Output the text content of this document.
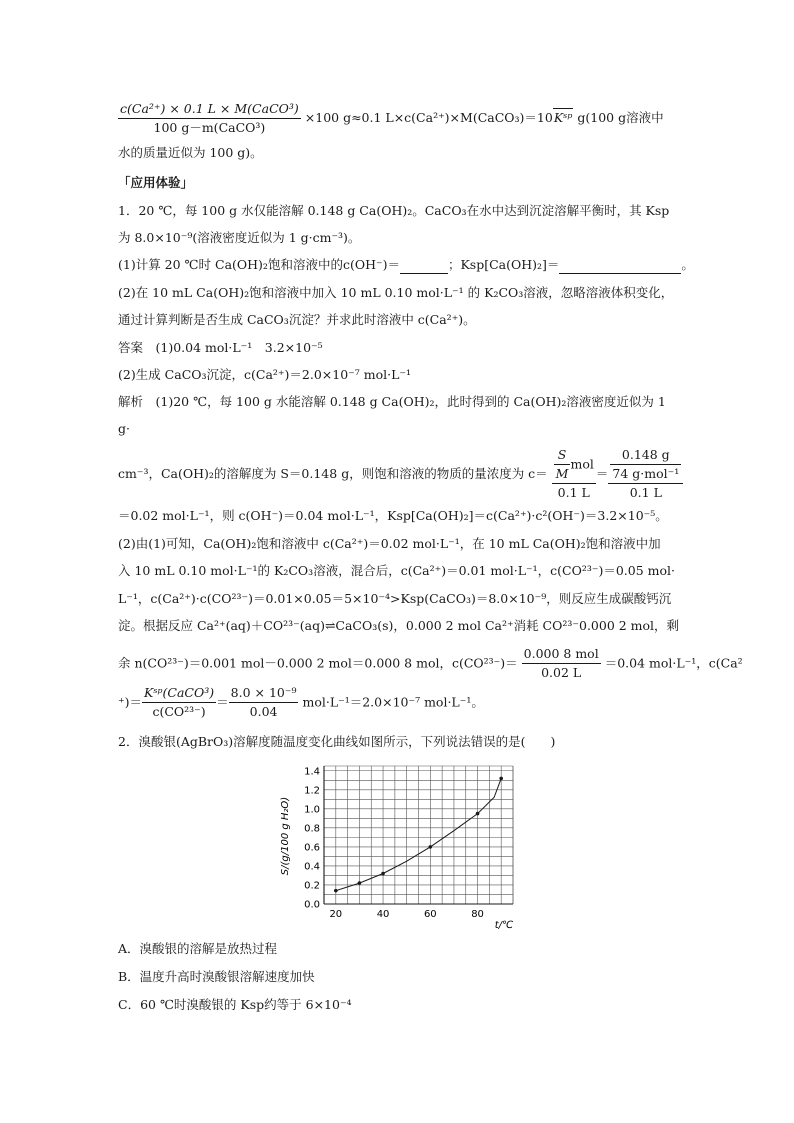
$\frac{\text{c(Ca²⁺) × 0.1 L × M(CaCO³)}}{\text{100 g－m(CaCO³)}} \times 100$ g≈0.1 L×c(Ca²⁺)×M(CaCO₃)＝10Kˢᵖ g(100 g溶液中
水的质量近似为 100 g)。
「应用体验」
1．20 ℃，每 100 g 水仅能溶解 0.148 g Ca(OH)₂。CaCO₃在水中达到沉淀溶解平衡时，其 Ksp
为 8.0×10⁻⁹(溶液密度近似为 1 g·cm⁻³)。
(1)计算 20 ℃时 Ca(OH)₂饱和溶液中的c(OH⁻)＝	；Ksp[Ca(OH)₂]＝	。
(2)在 10 mL Ca(OH)₂饱和溶液中加入 10 mL 0.10 mol·L⁻¹ 的 K₂CO₃溶液，忽略溶液体积变化，
通过计算判断是否生成 CaCO₃沉淀？并求此时溶液中 c(Ca²⁺)。
答案　(1)0.04 mol·L⁻¹　3.2×10⁻⁵
(2)生成 CaCO₃沉淀，c(Ca²⁺)＝2.0×10⁻⁷ mol·L⁻¹
解析　(1)20 ℃，每 100 g 水能溶解 0.148 g Ca(OH)₂，此时得到的 Ca(OH)₂溶液密度近似为 1
g·
cm⁻³，Ca(OH)₂的溶解度为 S＝0.148 g，则饱和溶液的物质的量浓度为 $c= \frac{\frac{S}{M} mol}{0.1 L} = \frac{\frac{0.148 g}{\text{74 g·mol⁻¹}}}{0.1 L}$
＝0.02 mol·L⁻¹，则 c(OH⁻)＝0.04 mol·L⁻¹，Ksp[Ca(OH)₂]＝c(Ca²⁺)·c²(OH⁻)＝3.2×10⁻⁵。
(2)由(1)可知，Ca(OH)₂饱和溶液中 c(Ca²⁺)＝0.02 mol·L⁻¹，在 10 mL Ca(OH)₂饱和溶液中加
入 10 mL 0.10 mol·L⁻¹的 K₂CO₃溶液，混合后，c(Ca²⁺)＝0.01 mol·L⁻¹，c(CO²³⁻)＝0.05 mol·
L⁻¹，c(Ca²⁺)·c(CO²³⁻)＝0.01×0.05＝5×10⁻⁴>Ksp(CaCO₃)＝8.0×10⁻⁹，则反应生成碳酸钙沉
淀。根据反应 Ca²⁺(aq)＋CO²³⁻(aq)⇌CaCO₃(s)，0.000 2 mol Ca²⁺消耗 CO²³⁻0.000 2 mol，剩
余 n(CO²³⁻)＝0.001 mol－0.000 2 mol＝0.000 8 mol，$c(CO^{23-})= \frac{\text{0.000 8 mol}}{0.02 L} =0.04$ mol·L⁻¹，c(Ca²
⁺)＝ $\frac{\text{Kˢᵖ(CaCO³)}}{\text{c(CO²³⁻)}} = \frac{\text{8.0 × 10⁻⁹}}{0.04} mol\cdot L^{-1}=2.0\times 10^{-7}$ mol·L⁻¹。
2．溴酸银(AgBrO₃)溶解度随温度变化曲线如图所示，下列说法错误的是(　　)
20	40	60	80
0.0
0.2
0.4
0.6
0.8
1.0
1.2
1.4
S/(g/100 g H₂O)
t/℃
A．溴酸银的溶解是放热过程
B．温度升高时溴酸银溶解速度加快
C．60 ℃时溴酸银的 Ksp约等于 6×10⁻⁴
